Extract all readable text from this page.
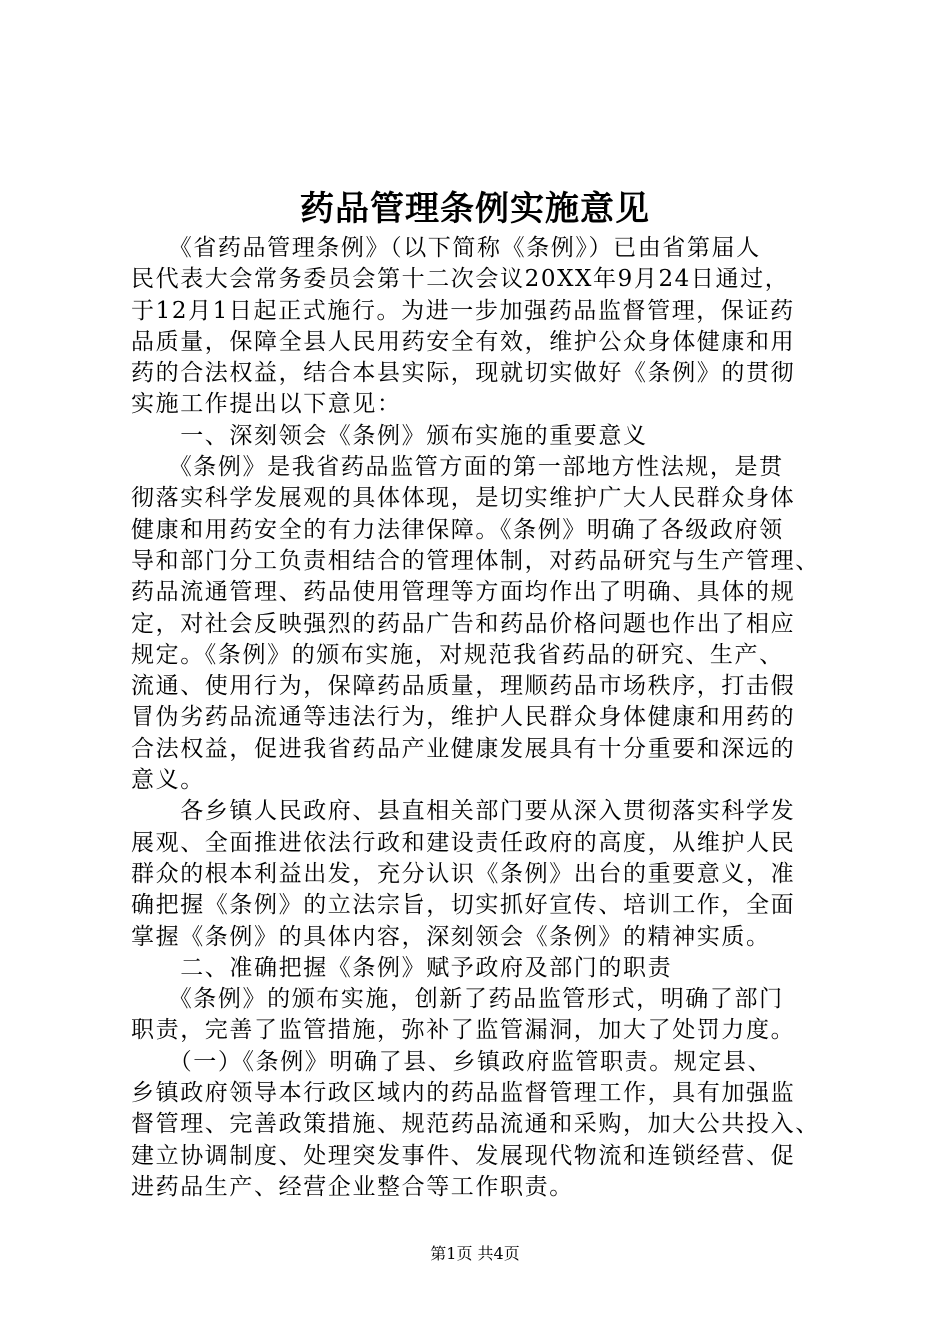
药品管理条例实施意见
　　《省药品管理条例》（以下简称《条例》）已由省第届人
民代表大会常务委员会第十二次会议20XX年9月24日通过，
于12月1日起正式施行。为进一步加强药品监督管理，保证药
品质量，保障全县人民用药安全有效，维护公众身体健康和用
药的合法权益，结合本县实际，现就切实做好《条例》的贯彻
实施工作提出以下意见：
　　一、深刻领会《条例》颁布实施的重要意义
　　《条例》是我省药品监管方面的第一部地方性法规，是贯
彻落实科学发展观的具体体现，是切实维护广大人民群众身体
健康和用药安全的有力法律保障。《条例》明确了各级政府领
导和部门分工负责相结合的管理体制，对药品研究与生产管理、
药品流通管理、药品使用管理等方面均作出了明确、具体的规
定，对社会反映强烈的药品广告和药品价格问题也作出了相应
规定。《条例》的颁布实施，对规范我省药品的研究、生产、
流通、使用行为，保障药品质量，理顺药品市场秩序，打击假
冒伪劣药品流通等违法行为，维护人民群众身体健康和用药的
合法权益，促进我省药品产业健康发展具有十分重要和深远的
意义。
　　各乡镇人民政府、县直相关部门要从深入贯彻落实科学发
展观、全面推进依法行政和建设责任政府的高度，从维护人民
群众的根本利益出发，充分认识《条例》出台的重要意义，准
确把握《条例》的立法宗旨，切实抓好宣传、培训工作，全面
掌握《条例》的具体内容，深刻领会《条例》的精神实质。
　　二、准确把握《条例》赋予政府及部门的职责
　　《条例》的颁布实施，创新了药品监管形式，明确了部门
职责，完善了监管措施，弥补了监管漏洞，加大了处罚力度。
　　（一）《条例》明确了县、乡镇政府监管职责。规定县、
乡镇政府领导本行政区域内的药品监督管理工作，具有加强监
督管理、完善政策措施、规范药品流通和采购，加大公共投入、
建立协调制度、处理突发事件、发展现代物流和连锁经营、促
进药品生产、经营企业整合等工作职责。
第1页 共4页
